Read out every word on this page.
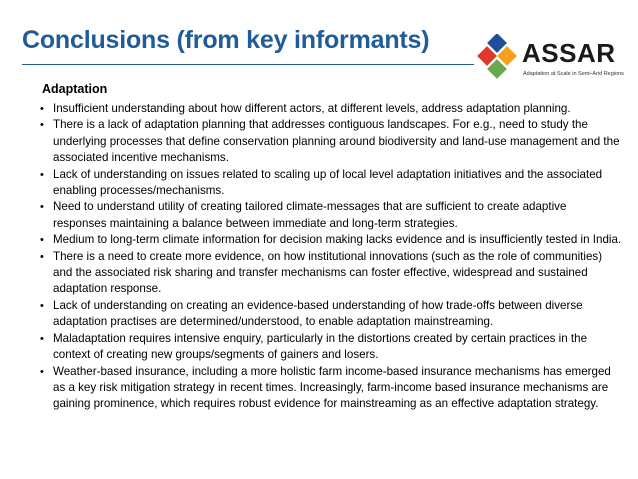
Conclusions (from key informants)	ASSAR
Adaptation at Scale in Semi-Arid Regions
Adaptation
• Insufficient understanding about how different actors, at different levels, address adaptation planning.
• There is a lack of adaptation planning that addresses contiguous landscapes. For e.g., need to study the underlying processes that define conservation planning around biodiversity and land-use management and the associated incentive mechanisms.
• Lack of understanding on issues related to scaling up of local level adaptation initiatives and the associated enabling processes/mechanisms.
• Need to understand utility of creating tailored climate-messages that are sufficient to create adaptive responses maintaining a balance between immediate and long-term strategies.
• Medium to long-term climate information for decision making lacks evidence and is insufficiently tested in India.
• There is a need to create more evidence, on how institutional innovations (such as the role of communities) and the associated risk sharing and transfer mechanisms can foster effective, widespread and sustained adaptation response.
• Lack of understanding on creating an evidence-based understanding of how trade-offs between diverse adaptation practises are determined/understood, to enable adaptation mainstreaming.
• Maladaptation requires intensive enquiry, particularly in the distortions created by certain practices in the context of creating new groups/segments of gainers and losers.
• Weather-based insurance, including a more holistic farm income-based insurance mechanisms has emerged as a key risk mitigation strategy in recent times. Increasingly, farm-income based insurance mechanisms are gaining prominence, which requires robust evidence for mainstreaming as an effective adaptation strategy.
